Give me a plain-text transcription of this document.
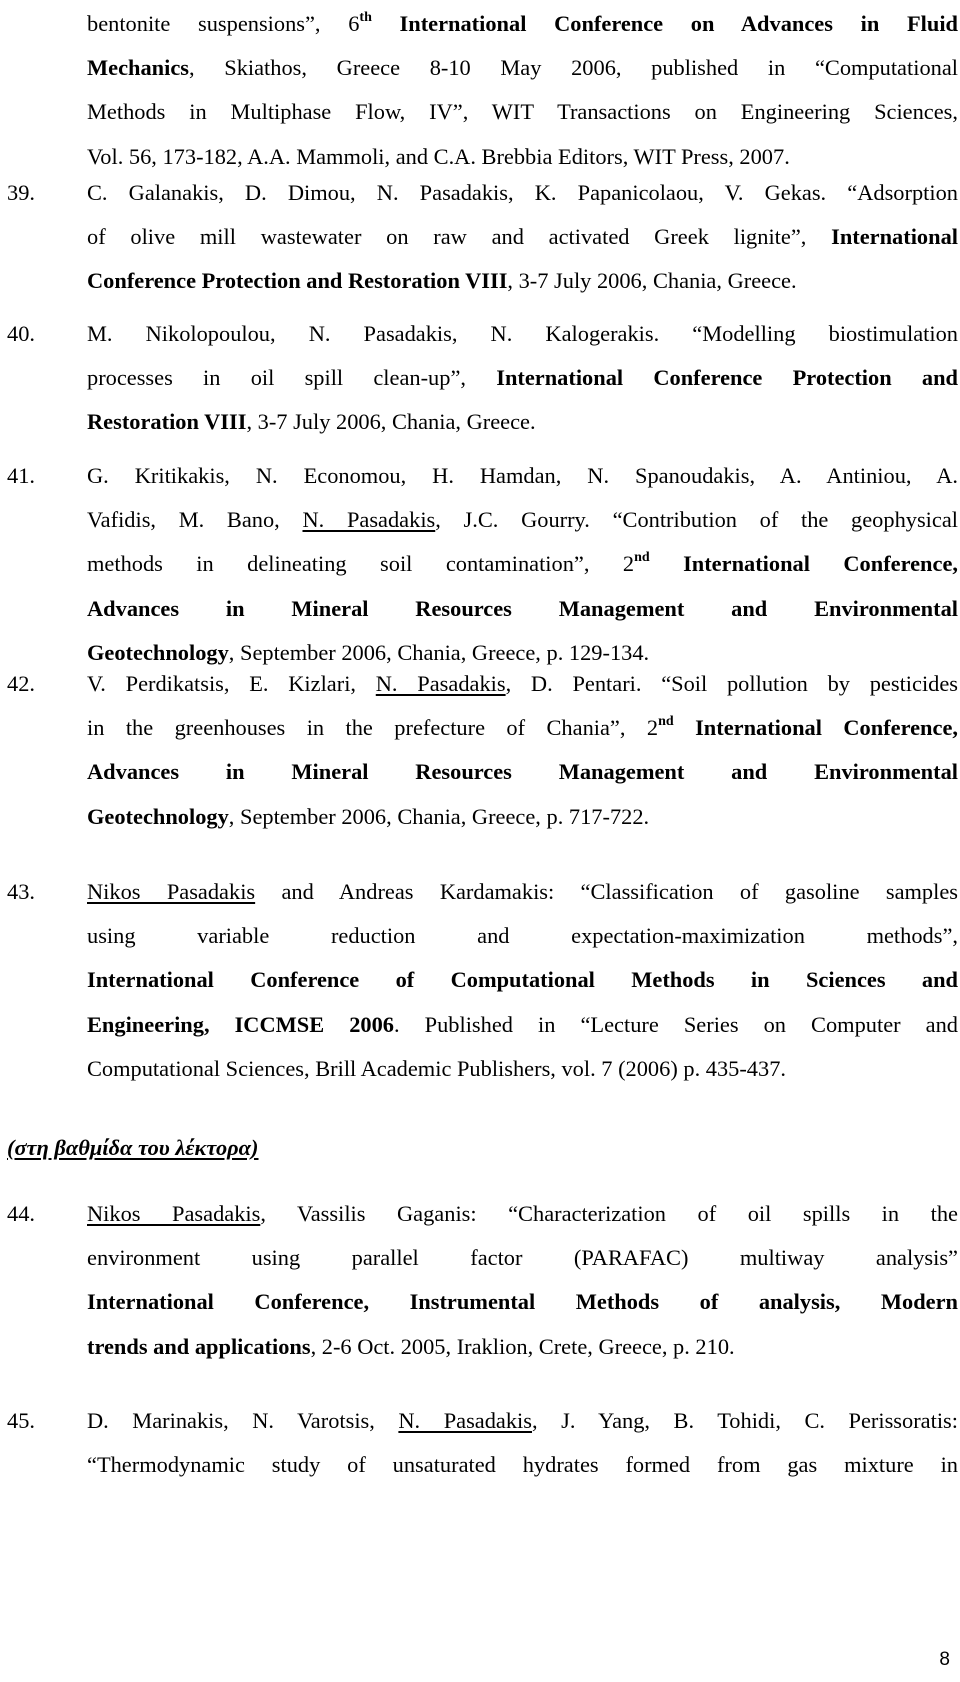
bentonite suspensions”, 6th International Conference on Advances in Fluid
Mechanics, Skiathos, Greece 8-10 May 2006, published in “Computational
Methods in Multiphase Flow, IV”, WIT Transactions on Engineering Sciences,
Vol. 56, 173-182, A.A. Mammoli, and C.A. Brebbia Editors, WIT Press, 2007.
39. C. Galanakis, D. Dimou, N. Pasadakis, K. Papanicolaou, V. Gekas. “Adsorption
of olive mill wastewater on raw and activated Greek lignite”, International
Conference Protection and Restoration VIII, 3-7 July 2006, Chania, Greece.
40. M. Nikolopoulou, N. Pasadakis, N. Kalogerakis. “Modelling biostimulation
processes in oil spill clean-up”, International Conference Protection and
Restoration VIII, 3-7 July 2006, Chania, Greece.
41. G. Kritikakis, N. Economou, H. Hamdan, N. Spanoudakis, A. Antiniou, A.
Vafidis, M. Bano, N. Pasadakis, J.C. Gourry. “Contribution of the geophysical
methods in delineating soil contamination”, 2nd International Conference,
Advances in Mineral Resources Management and Environmental
Geotechnology, September 2006, Chania, Greece, p. 129-134.
42. V. Perdikatsis, E. Kizlari, N. Pasadakis, D. Pentari. “Soil pollution by pesticides
in the greenhouses in the prefecture of Chania”, 2nd International Conference,
Advances in Mineral Resources Management and Environmental
Geotechnology, September 2006, Chania, Greece, p. 717-722.
43. Nikos Pasadakis and Andreas Kardamakis: “Classification of gasoline samples
using variable reduction and expectation-maximization methods”,
International Conference of Computational Methods in Sciences and
Engineering, ICCMSE 2006. Published in “Lecture Series on Computer and
Computational Sciences, Brill Academic Publishers, vol. 7 (2006) p. 435-437.
(στη βαθμίδα του λέκτορα)
44. Nikos Pasadakis, Vassilis Gaganis: “Characterization of oil spills in the
environment using parallel factor (PARAFAC) multiway analysis”
International Conference, Instrumental Methods of analysis, Modern
trends and applications, 2-6 Oct. 2005, Iraklion, Crete, Greece, p. 210.
45. D. Marinakis, N. Varotsis, N. Pasadakis, J. Yang, B. Tohidi, C. Perissoratis:
“Thermodynamic study of unsaturated hydrates formed from gas mixture in
8
